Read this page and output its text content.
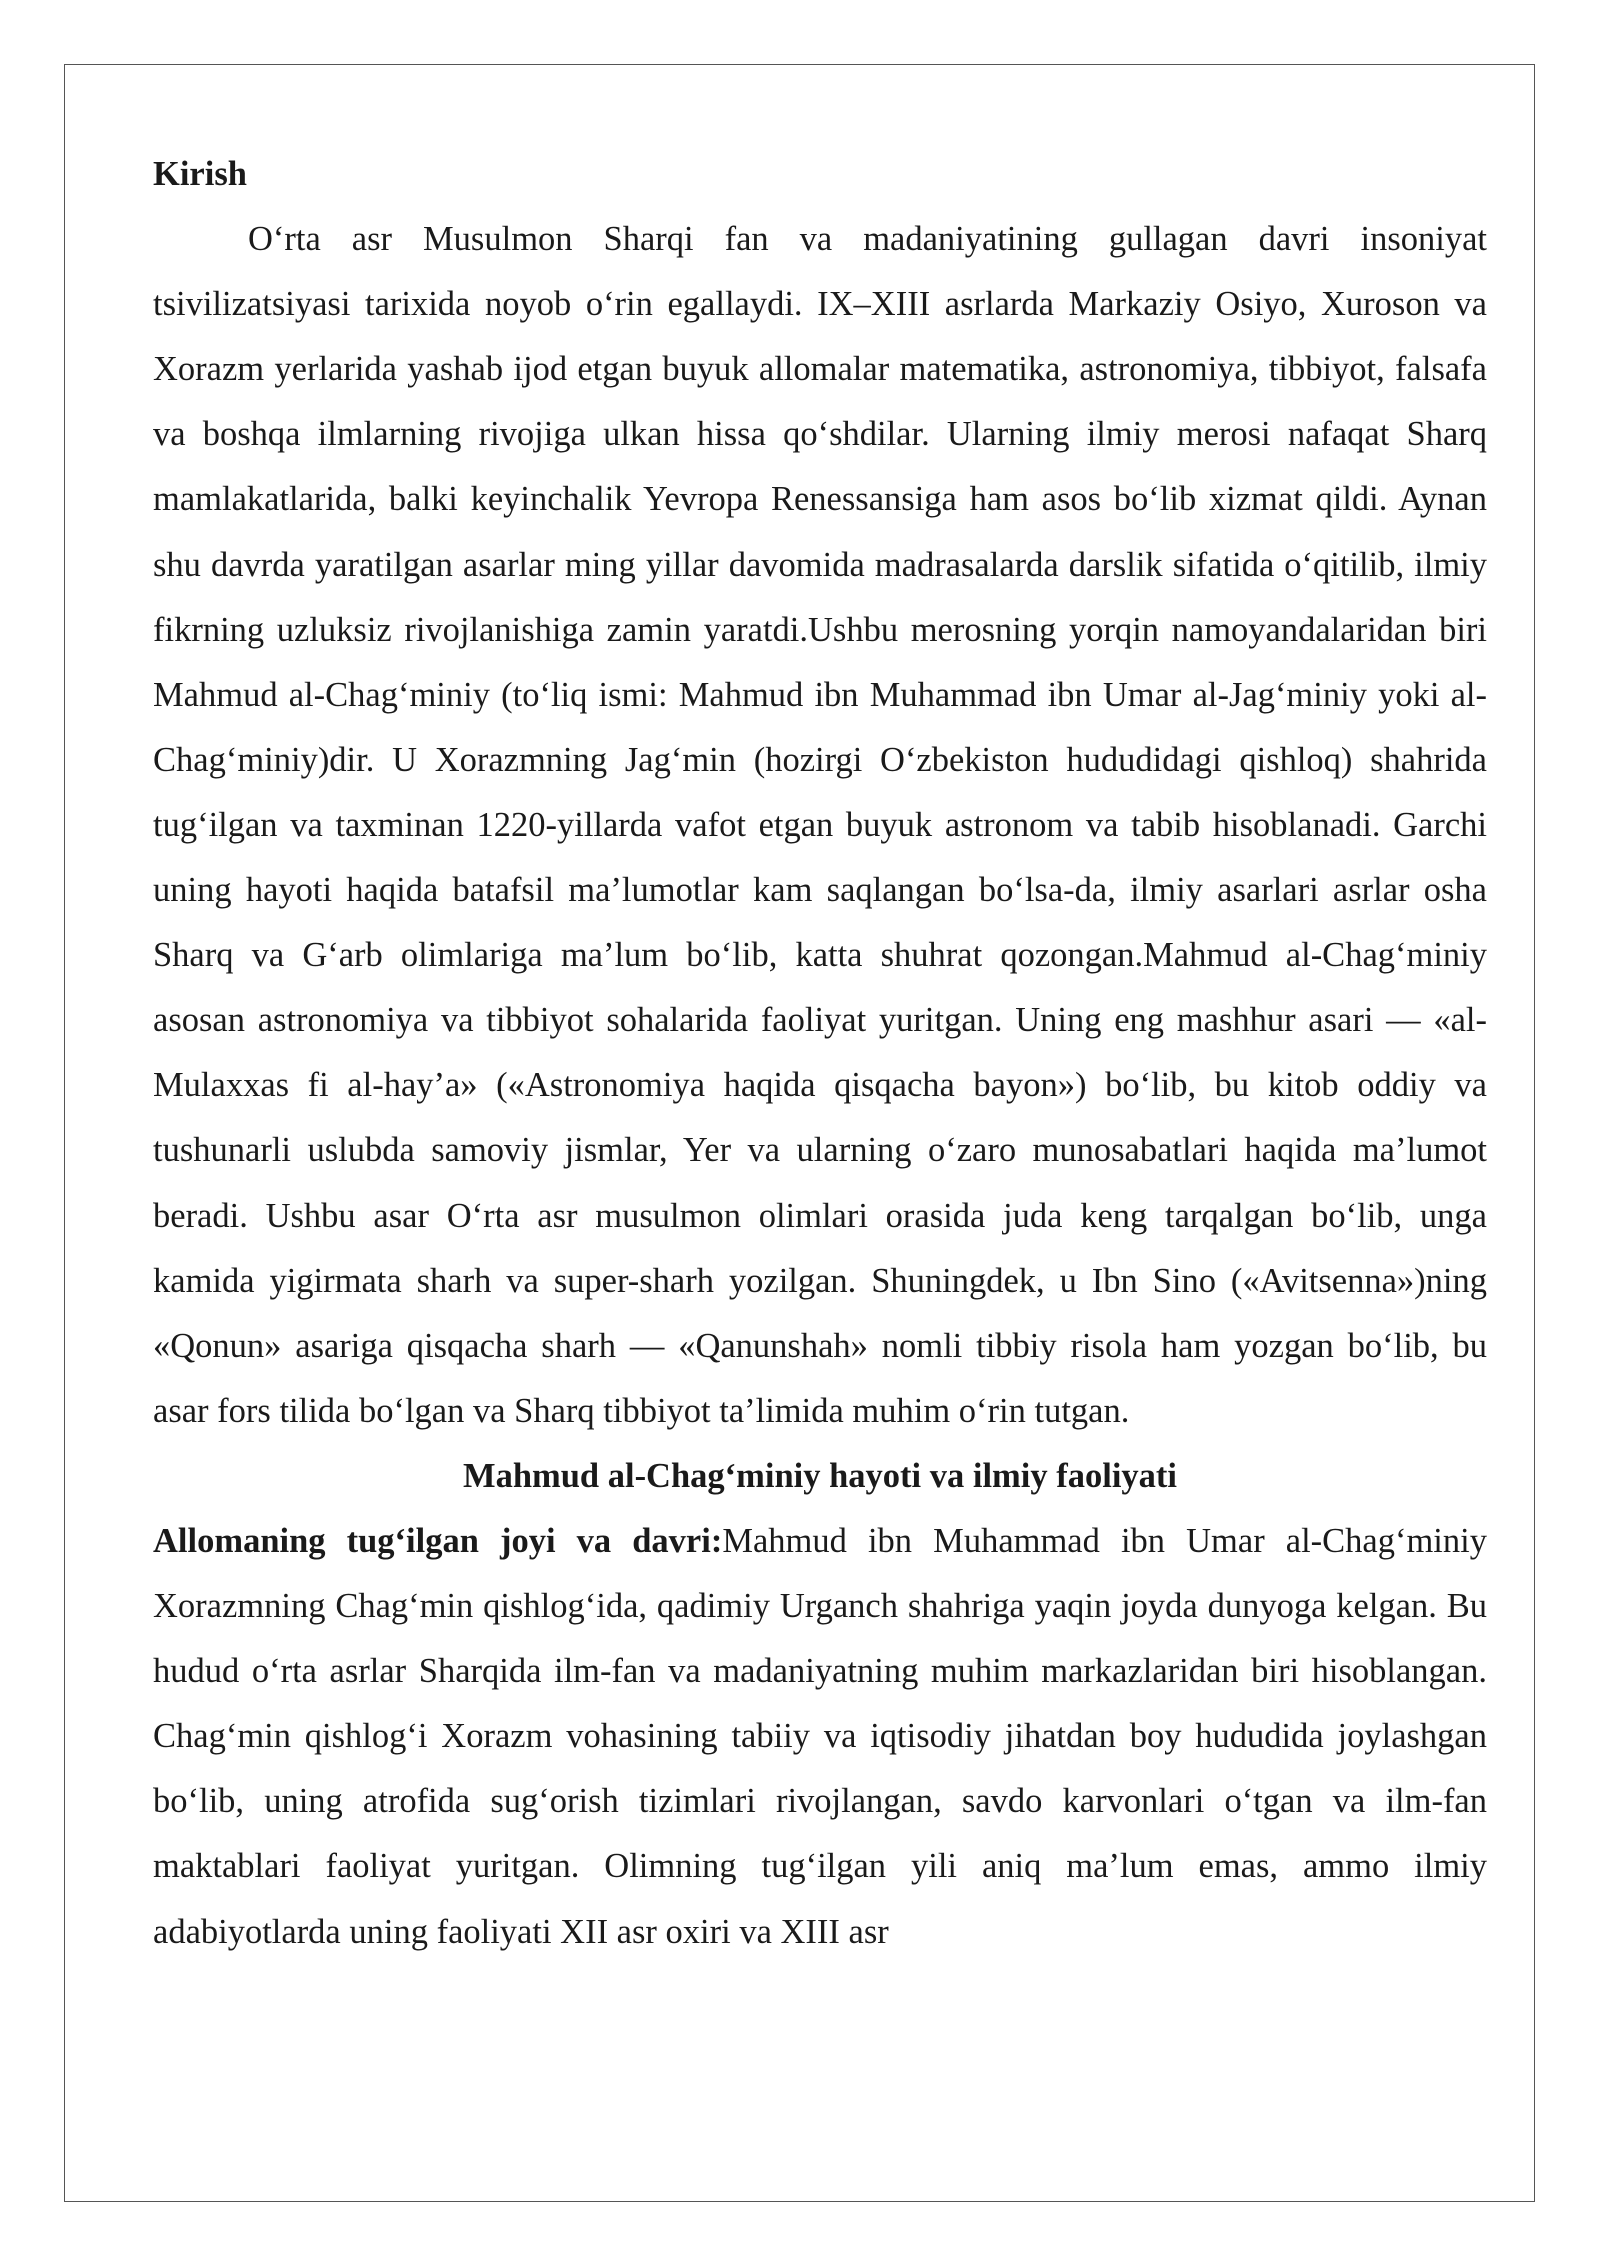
Kirish

O‘rta asr Musulmon Sharqi fan va madaniyatining gullagan davri insoniyat tsivilizatsiyasi tarixida noyob o‘rin egallaydi. IX–XIII asrlarda Markaziy Osiyo, Xuroson va Xorazm yerlarida yashab ijod etgan buyuk allomalar matematika, astronomiya, tibbiyot, falsafa va boshqa ilmlarning rivojiga ulkan hissa qo‘shdilar. Ularning ilmiy merosi nafaqat Sharq mamlakatlarida, balki keyinchalik Yevropa Renessansiga ham asos bo‘lib xizmat qildi. Aynan shu davrda yaratilgan asarlar ming yillar davomida madrasalarda darslik sifatida o‘qitilib, ilmiy fikrning uzluksiz rivojlanishiga zamin yaratdi.Ushbu merosning yorqin namoyandalaridan biri Mahmud al-Chag‘miniy (to‘liq ismi: Mahmud ibn Muhammad ibn Umar al-Jag‘miniy yoki al-Chag‘miniy)dir. U Xorazmning Jag‘min (hozirgi O‘zbekiston hududidagi qishloq) shahrida tug‘ilgan va taxminan 1220-yillarda vafot etgan buyuk astronom va tabib hisoblanadi. Garchi uning hayoti haqida batafsil ma’lumotlar kam saqlangan bo‘lsa-da, ilmiy asarlari asrlar osha Sharq va G‘arb olimlariga ma’lum bo‘lib, katta shuhrat qozongan.Mahmud al-Chag‘miniy asosan astronomiya va tibbiyot sohalarida faoliyat yuritgan. Uning eng mashhur asari — «al-Mulaxxas fi al-hay’a» («Astronomiya haqida qisqacha bayon») bo‘lib, bu kitob oddiy va tushunarli uslubda samoviy jismlar, Yer va ularning o‘zaro munosabatlari haqida ma’lumot beradi. Ushbu asar O‘rta asr musulmon olimlari orasida juda keng tarqalgan bo‘lib, unga kamida yigirmata sharh va super-sharh yozilgan. Shuningdek, u Ibn Sino («Avitsenna»)ning «Qonun» asariga qisqacha sharh — «Qanunshah» nomli tibbiy risola ham yozgan bo‘lib, bu asar fors tilida bo‘lgan va Sharq tibbiyot ta’limida muhim o‘rin tutgan.

Mahmud al-Chag‘miniy hayoti va ilmiy faoliyati

Allomaning tug‘ilgan joyi va davri:Mahmud ibn Muhammad ibn Umar al-Chag‘miniy Xorazmning Chag‘min qishlog‘ida, qadimiy Urganch shahriga yaqin joyda dunyoga kelgan. Bu hudud o‘rta asrlar Sharqida ilm-fan va madaniyatning muhim markazlaridan biri hisoblangan. Chag‘min qishlog‘i Xorazm vohasining tabiiy va iqtisodiy jihatdan boy hududida joylashgan bo‘lib, uning atrofida sug‘orish tizimlari rivojlangan, savdo karvonlari o‘tgan va ilm-fan maktablari faoliyat yuritgan. Olimning tug‘ilgan yili aniq ma’lum emas, ammo ilmiy adabiyotlarda uning faoliyati XII asr oxiri va XIII asr
